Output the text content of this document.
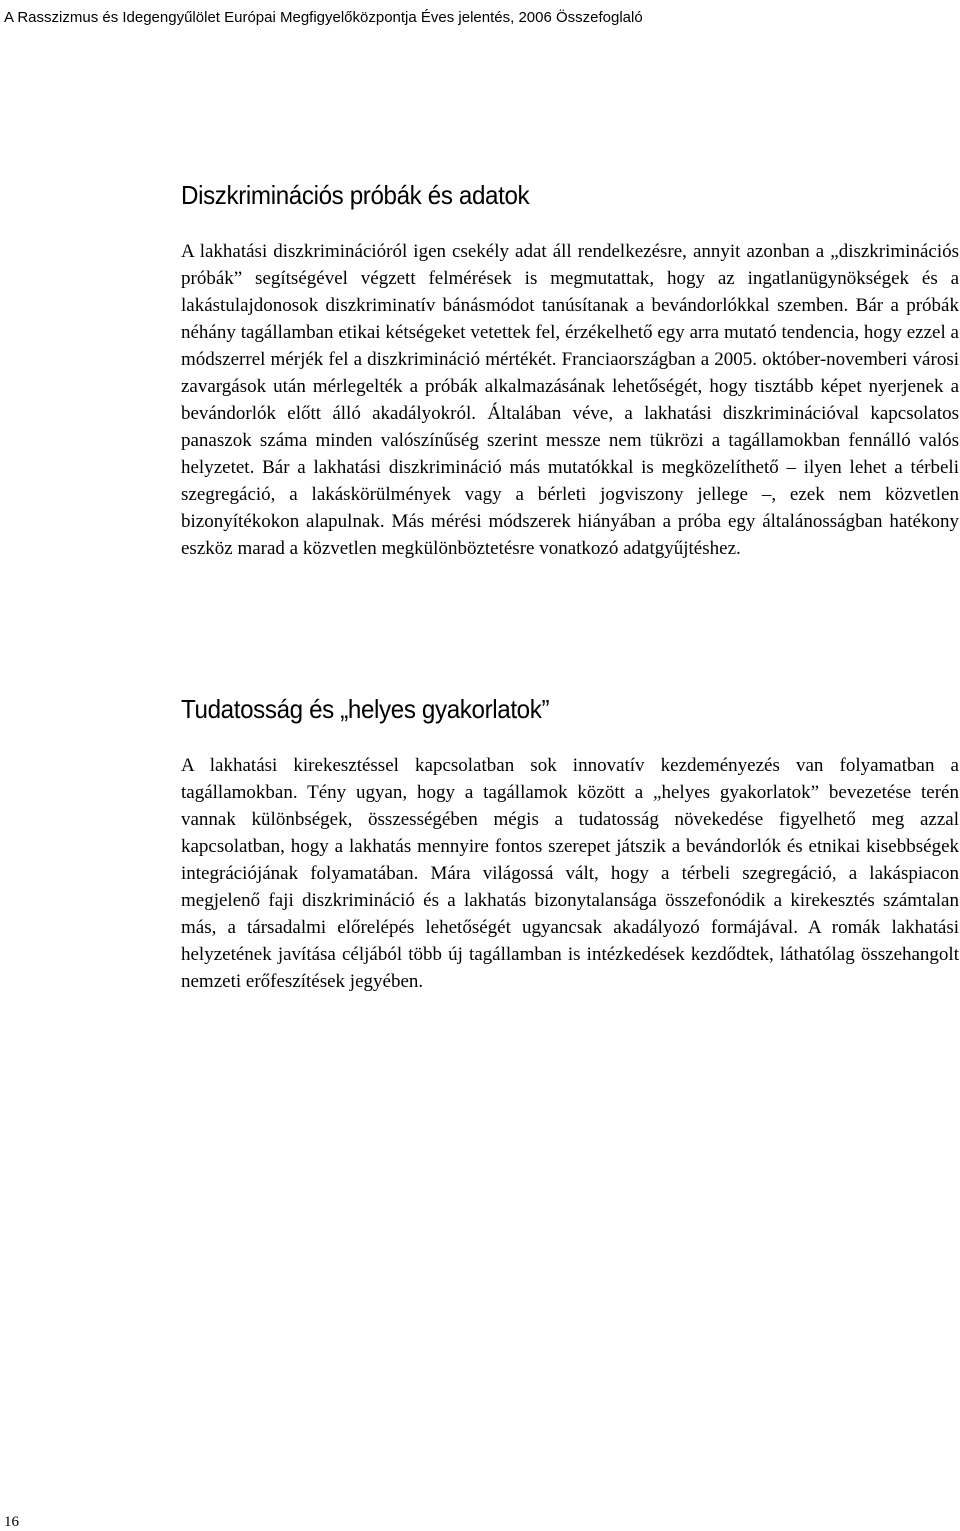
A Rasszizmus és Idegengyűlölet Európai Megfigyelőközpontja Éves jelentés, 2006 Összefoglaló
Diszkriminációs próbák és adatok

A lakhatási diszkriminációról igen csekély adat áll rendelkezésre, annyit azonban a „diszkriminációs próbák” segítségével végzett felmérések is megmutattak, hogy az ingatlanügynökségek és a lakástulajdonosok diszkriminatív bánásmódot tanúsítanak a bevándorlókkal szemben. Bár a próbák néhány tagállamban etikai kétségeket vetettek fel, érzékelhető egy arra mutató tendencia, hogy ezzel a módszerrel mérjék fel a diszkrimináció mértékét. Franciaországban a 2005. október-novemberi városi zavargások után mérlegelték a próbák alkalmazásának lehetőségét, hogy tisztább képet nyerjenek a bevándorlók előtt álló akadályokról. Általában véve, a lakhatási diszkriminációval kapcsolatos panaszok száma minden valószínűség szerint messze nem tükrözi a tagállamokban fennálló valós helyzetet. Bár a lakhatási diszkrimináció más mutatókkal is megközelíthető – ilyen lehet a térbeli szegregáció, a lakáskörülmények vagy a bérleti jogviszony jellege –, ezek nem közvetlen bizonyítékokon alapulnak. Más mérési módszerek hiányában a próba egy általánosságban hatékony eszköz marad a közvetlen megkülönböztetésre vonatkozó adatgyűjtéshez.

Tudatosság és „helyes gyakorlatok”

A lakhatási kirekesztéssel kapcsolatban sok innovatív kezdeményezés van folyamatban a tagállamokban. Tény ugyan, hogy a tagállamok között a „helyes gyakorlatok” bevezetése terén vannak különbségek, összességében mégis a tudatosság növekedése figyelhető meg azzal kapcsolatban, hogy a lakhatás mennyire fontos szerepet játszik a bevándorlók és etnikai kisebbségek integrációjának folyamatában. Mára világossá vált, hogy a térbeli szegregáció, a lakáspiacon megjelenő faji diszkrimináció és a lakhatás bizonytalansága összefonódik a kirekesztés számtalan más, a társadalmi előrelépés lehetőségét ugyancsak akadályozó formájával. A romák lakhatási helyzetének javítása céljából több új tagállamban is intézkedések kezdődtek, láthatólag összehangolt nemzeti erőfeszítések jegyében.

16
